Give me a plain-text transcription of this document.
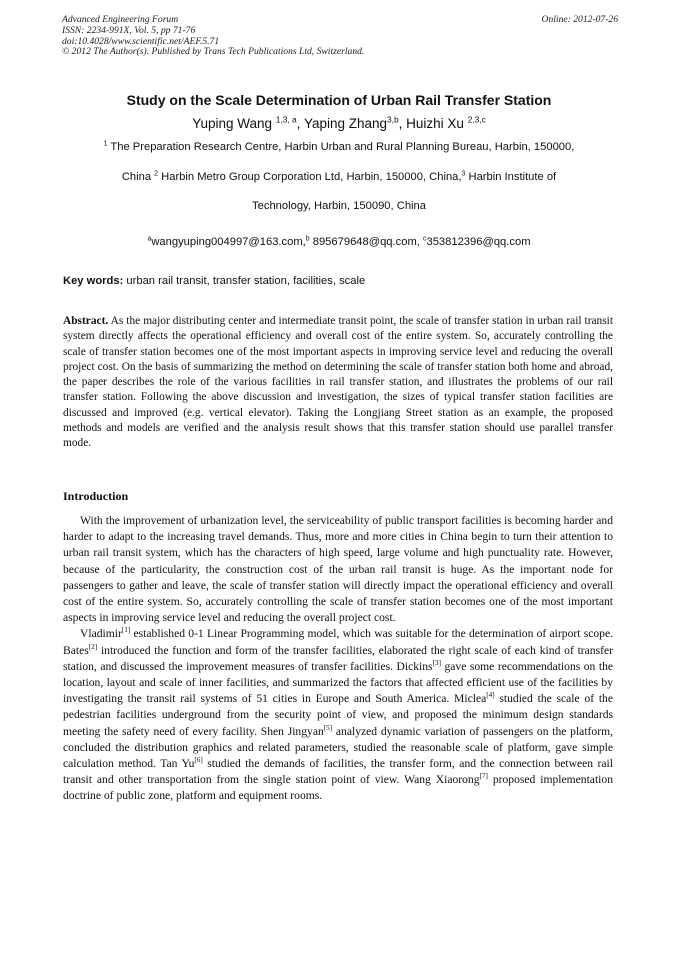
Advanced Engineering Forum	Online: 2012-07-26
ISSN: 2234-991X, Vol. 5, pp 71-76
doi:10.4028/www.scientific.net/AEF.5.71
© 2012 The Author(s). Published by Trans Tech Publications Ltd, Switzerland.
Study on the Scale Determination of Urban Rail Transfer Station
Yuping Wang $^{1,3, a}$, Yaping Zhang$^{3,b}$, Huizhi Xu $^{2,3,c}$
$^1$ The Preparation Research Centre, Harbin Urban and Rural Planning Bureau, Harbin, 150000,
China $^2$ Harbin Metro Group Corporation Ltd, Harbin, 150000, China,$^3$ Harbin Institute of
Technology, Harbin, 150090, China
$^a$wangyuping004997@163.com,$^b$ 895679648@qq.com, $^c$353812396@qq.com
Key words: urban rail transit, transfer station, facilities, scale

Abstract. As the major distributing center and intermediate transit point, the scale of transfer station in urban rail transit system directly affects the operational efficiency and overall cost of the entire system. So, accurately controlling the scale of transfer station becomes one of the most important aspects in improving service level and reducing the overall project cost. On the basis of summarizing the method on determining the scale of transfer station both home and abroad, the paper describes the role of the various facilities in rail transfer station, and illustrates the problems of our rail transfer station. Following the above discussion and investigation, the sizes of typical transfer station facilities are discussed and improved (e.g. vertical elevator). Taking the Longjiang Street station as an example, the proposed methods and models are verified and the analysis result shows that this transfer station should use parallel transfer mode.

Introduction

With the improvement of urbanization level, the serviceability of public transport facilities is becoming harder and harder to adapt to the increasing travel demands. Thus, more and more cities in China begin to turn their attention to urban rail transit system, which has the characters of high speed, large volume and high punctuality rate. However, because of the particularity, the construction cost of the urban rail transit is huge. As the important node for passengers to gather and leave, the scale of transfer station will directly impact the operational efficiency and overall cost of the entire system. So, accurately controlling the scale of transfer station becomes one of the most important aspects in improving service level and reducing the overall project cost.

Vladimir[1] established 0-1 Linear Programming model, which was suitable for the determination of airport scope. Bates[2] introduced the function and form of the transfer facilities, elaborated the right scale of each kind of transfer station, and discussed the improvement measures of transfer facilities. Dickins[3] gave some recommendations on the location, layout and scale of inner facilities, and summarized the factors that affected efficient use of the facilities by investigating the transit rail systems of 51 cities in Europe and South America. Miclea[4] studied the scale of the pedestrian facilities underground from the security point of view, and proposed the minimum design standards meeting the safety need of every facility. Shen Jingyan[5] analyzed dynamic variation of passengers on the platform, concluded the distribution graphics and related parameters, studied the reasonable scale of platform, gave simple calculation method. Tan Yu[6] studied the demands of facilities, the transfer form, and the connection between rail transit and other transportation from the single station point of view. Wang Xiaorong[7] proposed implementation doctrine of public zone, platform and equipment rooms.
